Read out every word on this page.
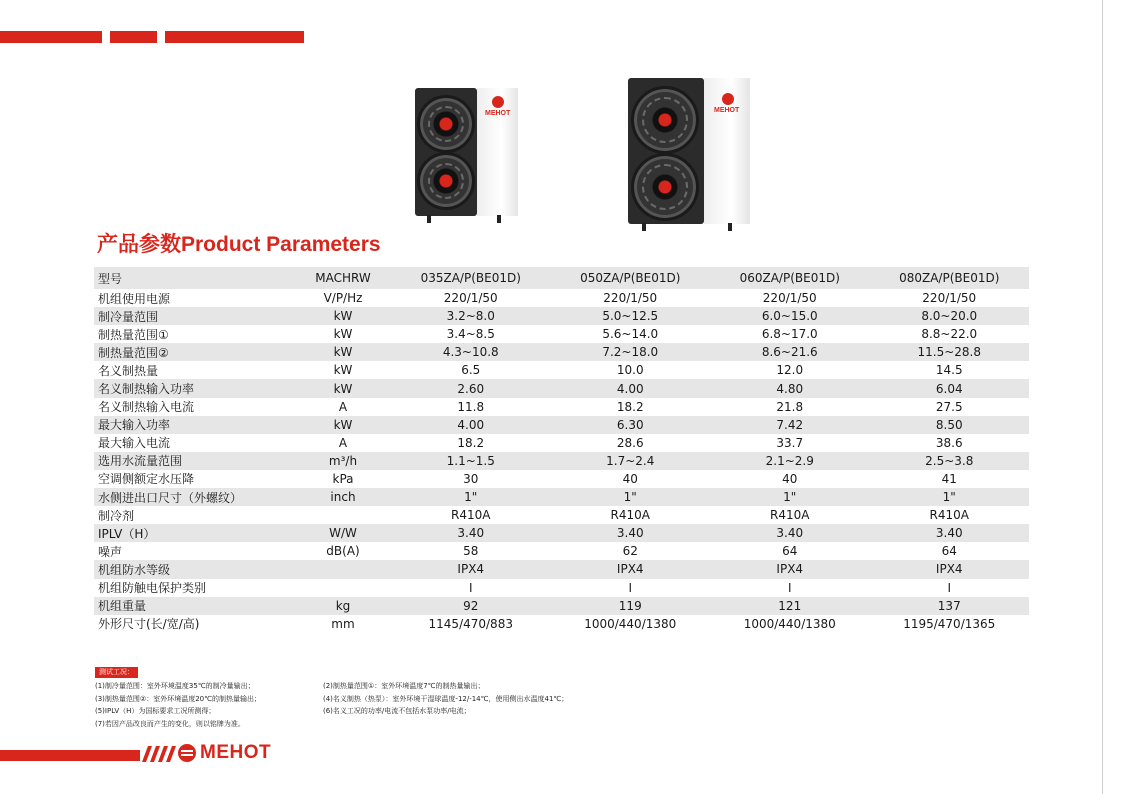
MEHOT	MEHOT
产品参数Product Parameters
型号	MACHRW	035ZA/P(BE01D)	050ZA/P(BE01D)	060ZA/P(BE01D)	080ZA/P(BE01D)
机组使用电源	V/P/Hz	220/1/50	220/1/50	220/1/50	220/1/50
制冷量范围	kW	3.2~8.0	5.0~12.5	6.0~15.0	8.0~20.0
制热量范围①	kW	3.4~8.5	5.6~14.0	6.8~17.0	8.8~22.0
制热量范围②	kW	4.3~10.8	7.2~18.0	8.6~21.6	11.5~28.8
名义制热量	kW	6.5	10.0	12.0	14.5
名义制热输入功率	kW	2.60	4.00	4.80	6.04
名义制热输入电流	A	11.8	18.2	21.8	27.5
最大输入功率	kW	4.00	6.30	7.42	8.50
最大输入电流	A	18.2	28.6	33.7	38.6
选用水流量范围	m³/h	1.1~1.5	1.7~2.4	2.1~2.9	2.5~3.8
空调侧额定水压降	kPa	30	40	40	41
水侧进出口尺寸（外螺纹）	inch	1"	1"	1"	1"
制冷剂		R410A	R410A	R410A	R410A
IPLV（H）	W/W	3.40	3.40	3.40	3.40
噪声	dB(A)	58	62	64	64
机组防水等级		IPX4	IPX4	IPX4	IPX4
机组防触电保护类别		I	I	I	I
机组重量	kg	92	119	121	137
外形尺寸(长/宽/高)	mm	1145/470/883	1000/440/1380	1000/440/1380	1195/470/1365
测试工况：
(1)制冷量范围：室外环境温度35℃的制冷量输出；	(2)制热量范围①：室外环境温度7℃的制热量输出；
(3)制热量范围②：室外环境温度20℃的制热量输出；	(4)名义制热（热泵）：室外环境干湿球温度-12/-14℃，使用侧出水温度41℃；
(5)IPLV（H）为国标要求工况所测得；	(6)名义工况的功率/电流不包括水泵功率/电流；
(7)若因产品改良而产生的变化，则以铭牌为准。
MEHOT
